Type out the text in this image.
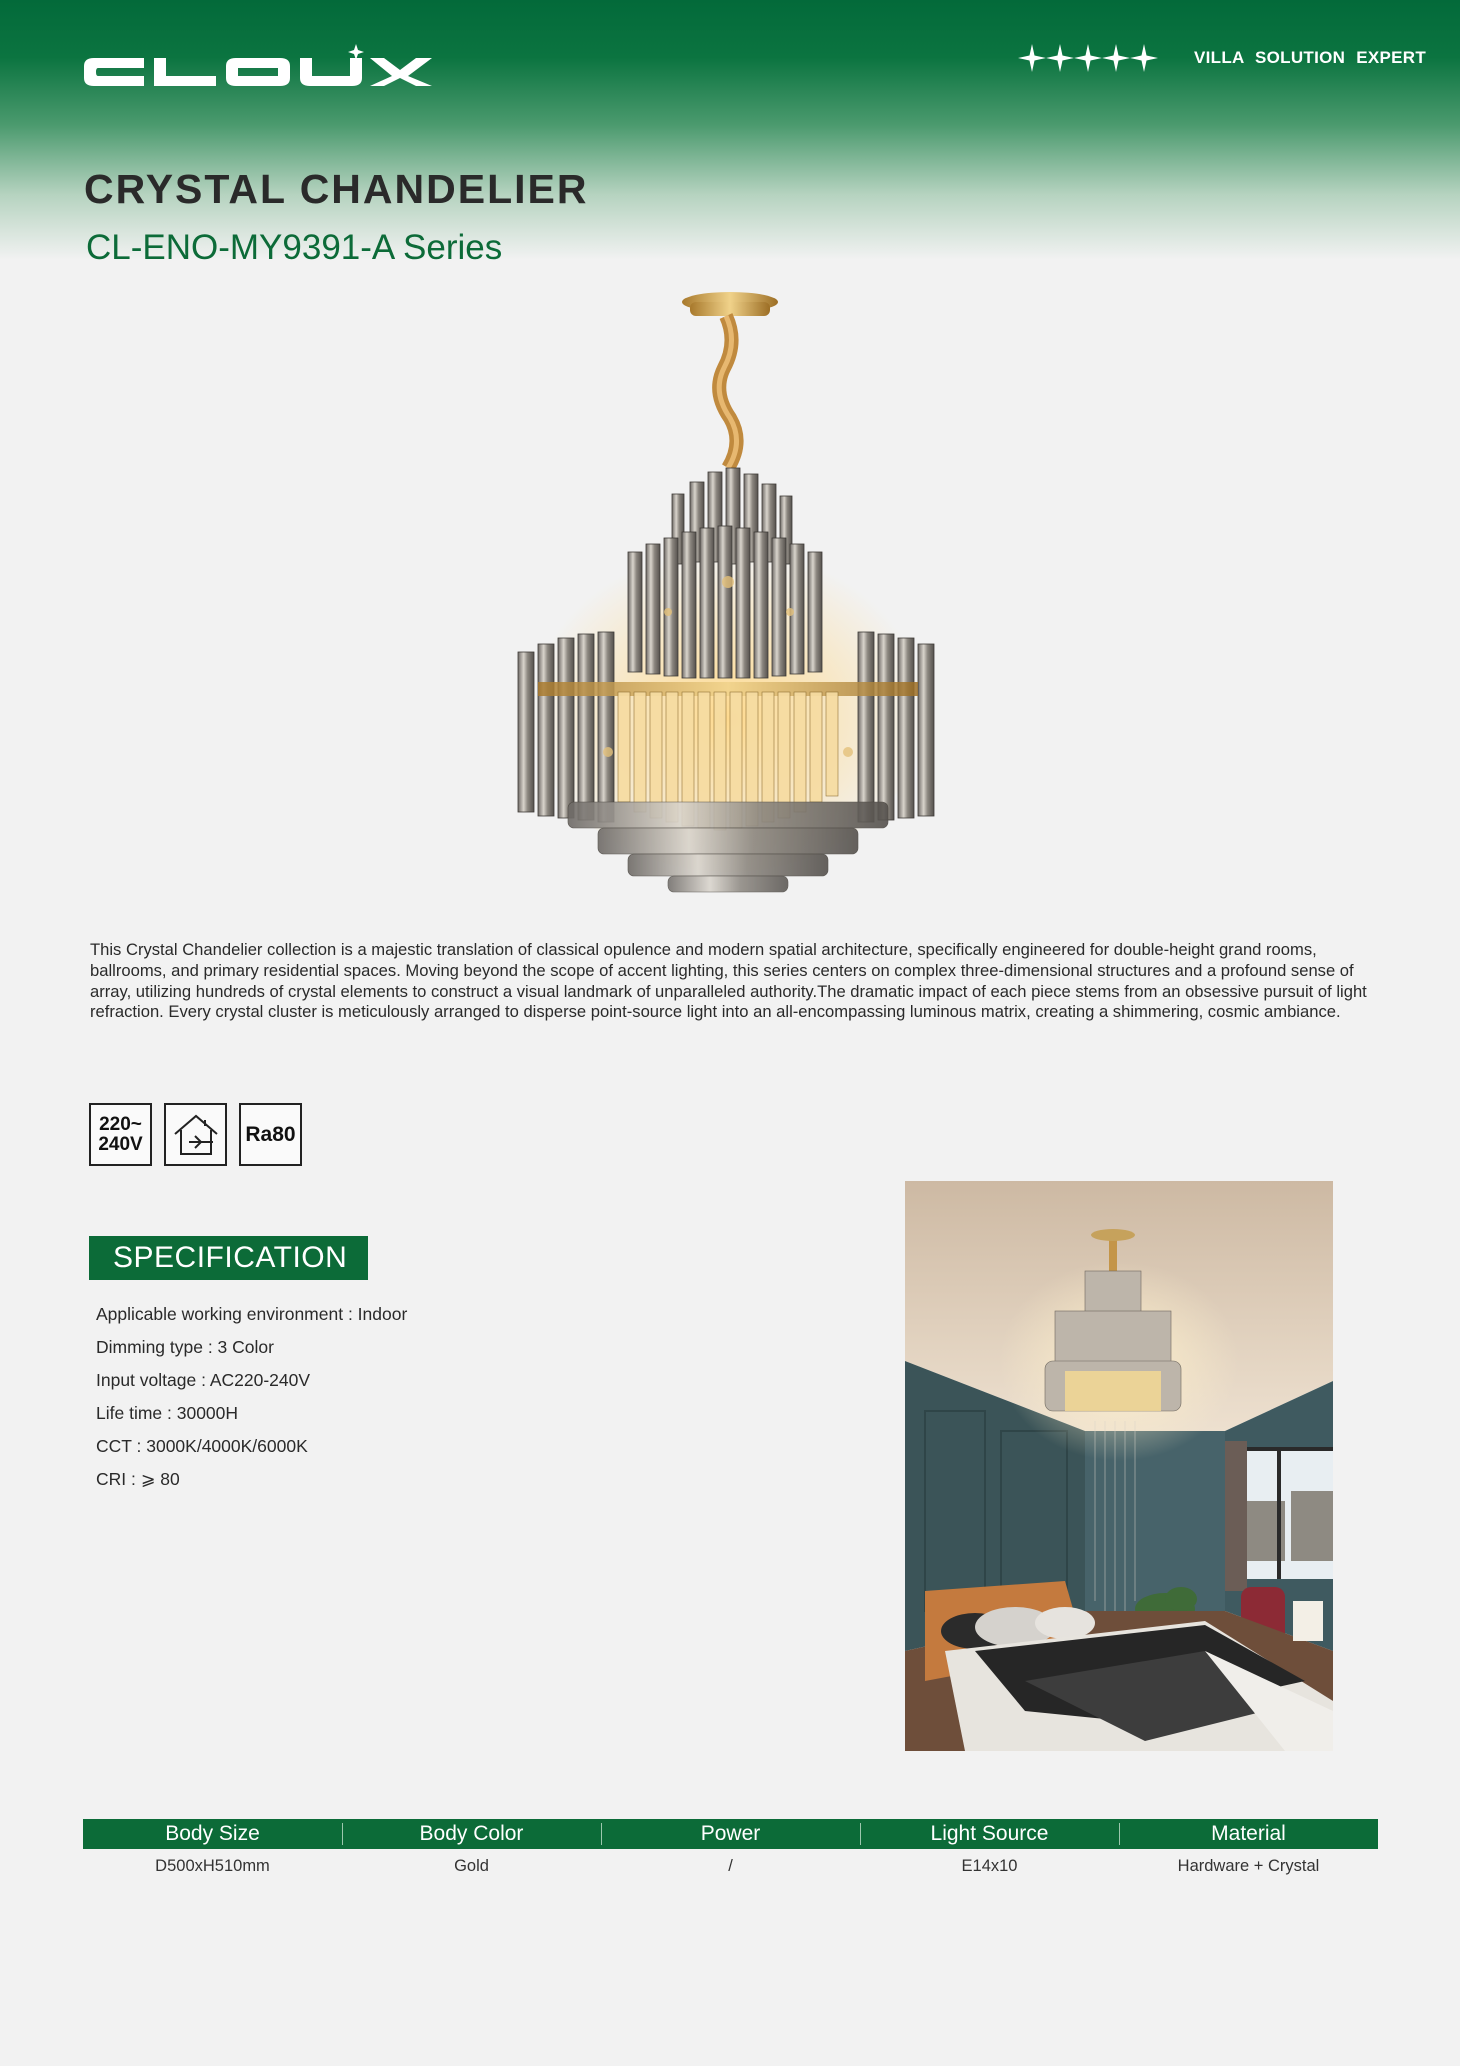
VILLA SOLUTION EXPERT
CRYSTAL CHANDELIER
CL-ENO-MY9391-A Series

This Crystal Chandelier collection is a majestic translation of classical opulence and modern spatial architecture, specifically engineered for double-height grand rooms, ballrooms, and primary residential spaces. Moving beyond the scope of accent lighting, this series centers on complex three-dimensional structures and a profound sense of array, utilizing hundreds of crystal elements to construct a visual landmark of unparalleled authority.The dramatic impact of each piece stems from an obsessive pursuit of light refraction. Every crystal cluster is meticulously arranged to disperse point-source light into an all-encompassing luminous matrix, creating a shimmering, cosmic ambiance.

220~
240V	Ra80
SPECIFICATION
Applicable working environment : Indoor
Dimming type : 3 Color
Input voltage : AC220-240V
Life time : 30000H
CCT : 3000K/4000K/6000K
CRI : ⩾ 80
Body Size	Body Color	Power	Light Source	Material
D500xH510mm	Gold	/	E14x10	Hardware + Crystal
